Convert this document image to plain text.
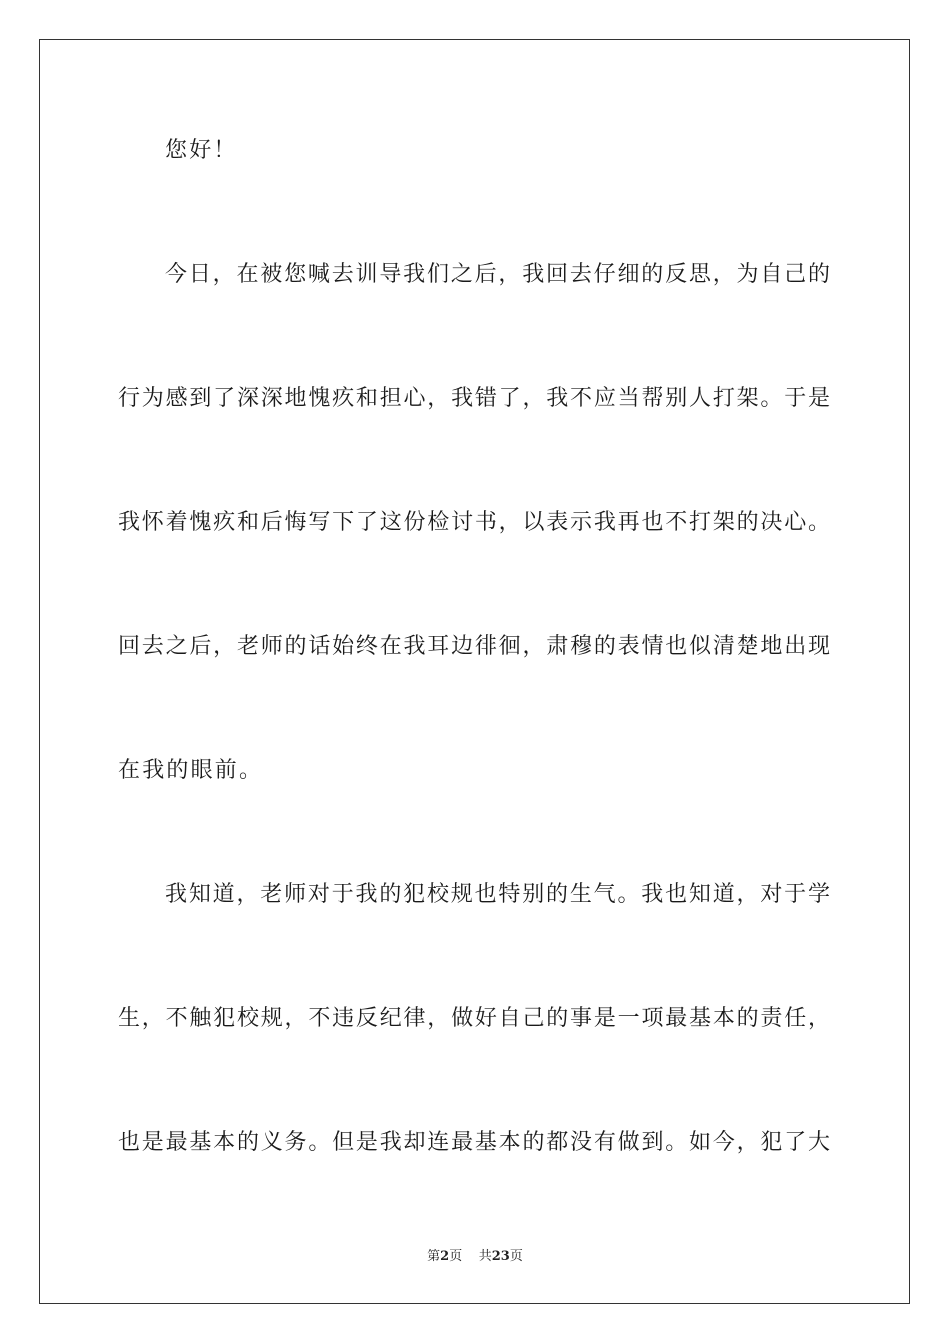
您好！
今日，在被您喊去训导我们之后，我回去仔细的反思，为自己的
行为感到了深深地愧疚和担心，我错了，我不应当帮别人打架。于是
我怀着愧疚和后悔写下了这份检讨书，以表示我再也不打架的决心。
回去之后，老师的话始终在我耳边徘徊，肃穆的表情也似清楚地出现
在我的眼前。
我知道，老师对于我的犯校规也特别的生气。我也知道，对于学
生，不触犯校规，不违反纪律，做好自己的事是一项最基本的责任，
也是最基本的义务。但是我却连最基本的都没有做到。如今，犯了大
第2页 共23页
